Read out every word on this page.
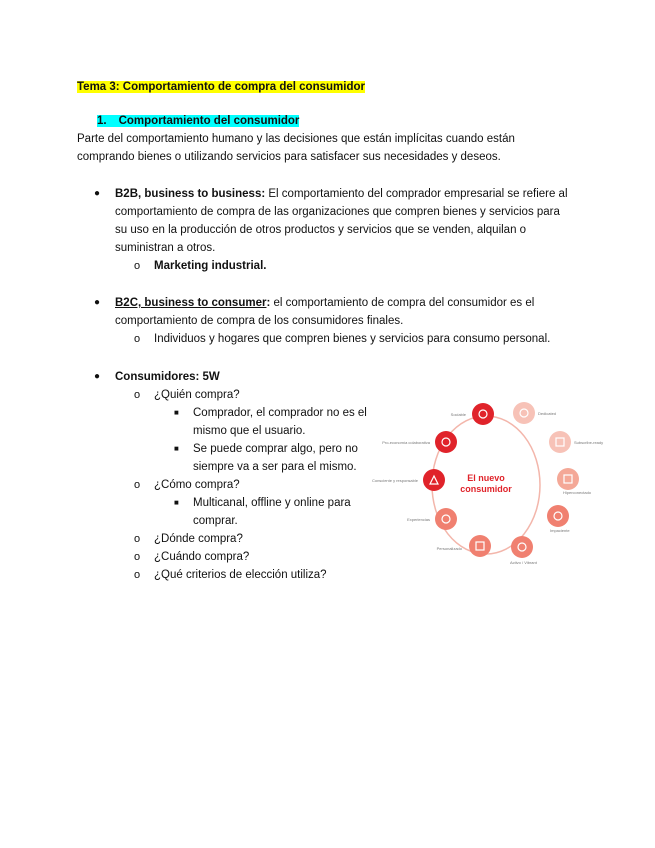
Tema 3: Comportamiento de compra del consumidor
1. Comportamiento del consumidor
Parte del comportamiento humano y las decisiones que están implícitas cuando están
comprando bienes o utilizando servicios para satisfacer sus necesidades y deseos.
● B2B, business to business: El comportamiento del comprador empresarial se refiere al
comportamiento de compra de las organizaciones que compren bienes y servicios para
su uso en la producción de otros productos y servicios que se venden, alquilan o
suministran a otros.
o Marketing industrial.
● B2C, business to consumer: el comportamiento de compra del consumidor es el
comportamiento de compra de los consumidores finales.
o Individuos y hogares que compren bienes y servicios para consumo personal.
● Consumidores: 5W
o ¿Quién compra?
■ Comprador, el comprador no es el
mismo que el usuario.
■ Se puede comprar algo, pero no
siempre va a ser para el mismo.
o ¿Cómo compra?
■ Multicanal, offline y online para
comprar.
o ¿Dónde compra?
o ¿Cuándo compra?
o ¿Qué criterios de elección utiliza?
El nuevo
consumidor
Sociable	Dedicated
Subscribe-ready
Hiperconectado
Impaciente
Activo / Vibrant
Personalizado
Experiencias
Consciente y responsable
Pro-economía colaborativa
